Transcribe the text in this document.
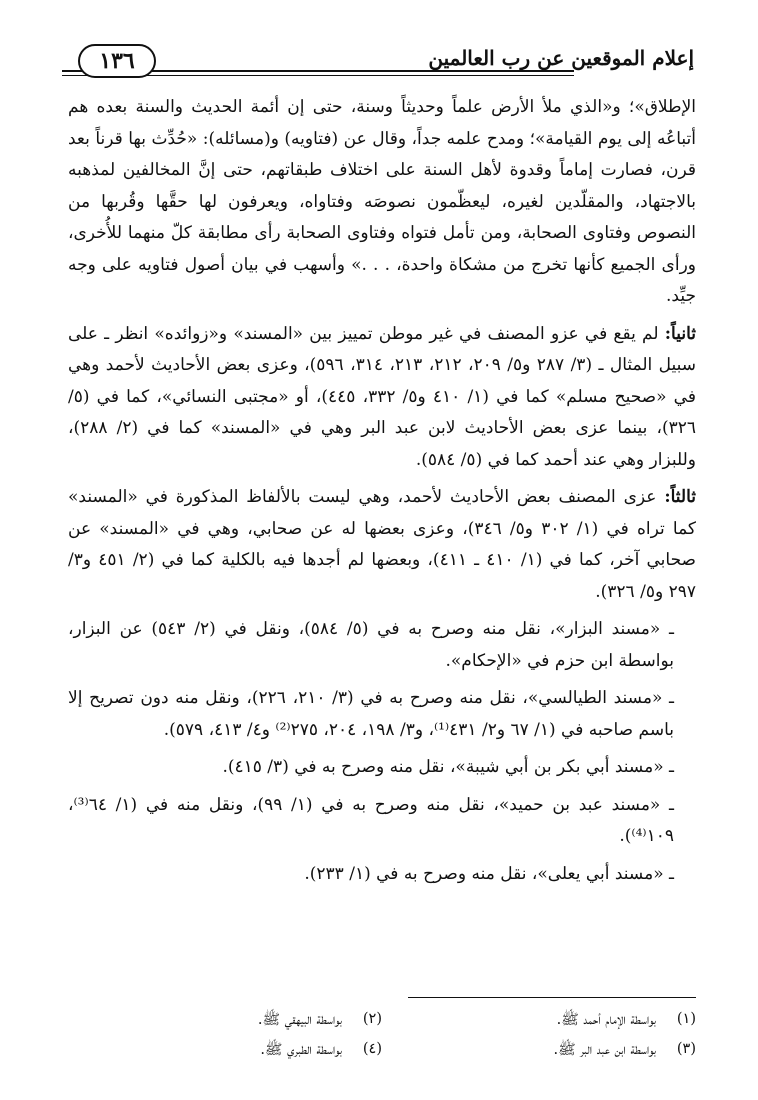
إعلام الموقعين عن رب العالمين
١٣٦

الإطلاق»؛ و«الذي ملأ الأرض علماً وحديثاً وسنة، حتى إن أئمة الحديث والسنة بعده هم أتباعُه إلى يوم القيامة»؛ ومدح علمه جداً، وقال عن (فتاويه) و(مسائله): «حُدِّث بها قرناً بعد قرن، فصارت إماماً وقدوة لأهل السنة على اختلاف طبقاتهم، حتى إنَّ المخالفين لمذهبه بالاجتهاد، والمقلّدين لغيره، ليعظّمون نصوصَه وفتاواه، ويعرفون لها حقَّها وقُربها من النصوص وفتاوى الصحابة، ومن تأمل فتواه وفتاوى الصحابة رأى مطابقة كلّ منهما للأُخرى، ورأى الجميع كأنها تخرج من مشكاة واحدة، . . .» وأسهب في بيان أصول فتاويه على وجه جيِّد.

ثانياً: لم يقع في عزو المصنف في غير موطن تمييز بين «المسند» و«زوائده» انظر ـ على سبيل المثال ـ (٣/ ٢٨٧ و٥/ ٢٠٩، ٢١٢، ٢١٣، ٣١٤، ٥٩٦)، وعزى بعض الأحاديث لأحمد وهي في «صحيح مسلم» كما في (١/ ٤١٠ و٥/ ٣٣٢، ٤٤٥)، أو «مجتبى النسائي»، كما في (٥/ ٣٢٦)، بينما عزى بعض الأحاديث لابن عبد البر وهي في «المسند» كما في (٢/ ٢٨٨)، وللبزار وهي عند أحمد كما في (٥/ ٥٨٤).

ثالثاً: عزى المصنف بعض الأحاديث لأحمد، وهي ليست بالألفاظ المذكورة في «المسند» كما تراه في (١/ ٣٠٢ و٥/ ٣٤٦)، وعزى بعضها له عن صحابي، وهي في «المسند» عن صحابي آخر، كما في (١/ ٤١٠ ـ ٤١١)، وبعضها لم أجدها فيه بالكلية كما في (٢/ ٤٥١ و٣/ ٢٩٧ و٥/ ٣٢٦).

ـ «مسند البزار»، نقل منه وصرح به في (٥/ ٥٨٤)، ونقل في (٢/ ٥٤٣) عن البزار، بواسطة ابن حزم في «الإحكام».

ـ «مسند الطيالسي»، نقل منه وصرح به في (٣/ ٢١٠، ٢٢٦)، ونقل منه دون تصريح إلا باسم صاحبه في (١/ ٦٧ و٢/ ٤٣١⁽¹⁾، و٣/ ١٩٨، ٢٠٤، ٢٧٥⁽²⁾ و٤/ ٤١٣، ٥٧٩).

ـ «مسند أبي بكر بن أبي شيبة»، نقل منه وصرح به في (٣/ ٤١٥).

ـ «مسند عبد بن حميد»، نقل منه وصرح به في (١/ ٩٩)، ونقل منه في (١/ ٦٤⁽³⁾، ١٠٩⁽⁴⁾).

ـ «مسند أبي يعلى»، نقل منه وصرح به في (١/ ٢٣٣).

(١)
بواسطة الإمام أحمد ﷺ.
(٢)
بواسطة البيهقي ﷺ.
(٣)
بواسطة ابن عبد البر ﷺ.
(٤)
بواسطة الطبري ﷺ.
